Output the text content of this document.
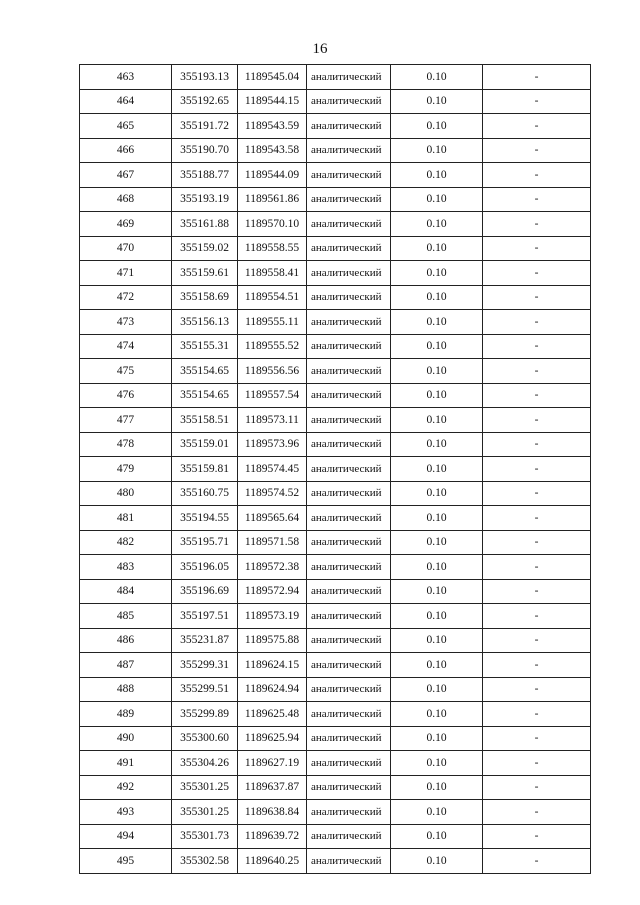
16
463	355193.13	1189545.04	аналитический	0.10	-
464	355192.65	1189544.15	аналитический	0.10	-
465	355191.72	1189543.59	аналитический	0.10	-
466	355190.70	1189543.58	аналитический	0.10	-
467	355188.77	1189544.09	аналитический	0.10	-
468	355193.19	1189561.86	аналитический	0.10	-
469	355161.88	1189570.10	аналитический	0.10	-
470	355159.02	1189558.55	аналитический	0.10	-
471	355159.61	1189558.41	аналитический	0.10	-
472	355158.69	1189554.51	аналитический	0.10	-
473	355156.13	1189555.11	аналитический	0.10	-
474	355155.31	1189555.52	аналитический	0.10	-
475	355154.65	1189556.56	аналитический	0.10	-
476	355154.65	1189557.54	аналитический	0.10	-
477	355158.51	1189573.11	аналитический	0.10	-
478	355159.01	1189573.96	аналитический	0.10	-
479	355159.81	1189574.45	аналитический	0.10	-
480	355160.75	1189574.52	аналитический	0.10	-
481	355194.55	1189565.64	аналитический	0.10	-
482	355195.71	1189571.58	аналитический	0.10	-
483	355196.05	1189572.38	аналитический	0.10	-
484	355196.69	1189572.94	аналитический	0.10	-
485	355197.51	1189573.19	аналитический	0.10	-
486	355231.87	1189575.88	аналитический	0.10	-
487	355299.31	1189624.15	аналитический	0.10	-
488	355299.51	1189624.94	аналитический	0.10	-
489	355299.89	1189625.48	аналитический	0.10	-
490	355300.60	1189625.94	аналитический	0.10	-
491	355304.26	1189627.19	аналитический	0.10	-
492	355301.25	1189637.87	аналитический	0.10	-
493	355301.25	1189638.84	аналитический	0.10	-
494	355301.73	1189639.72	аналитический	0.10	-
495	355302.58	1189640.25	аналитический	0.10	-
